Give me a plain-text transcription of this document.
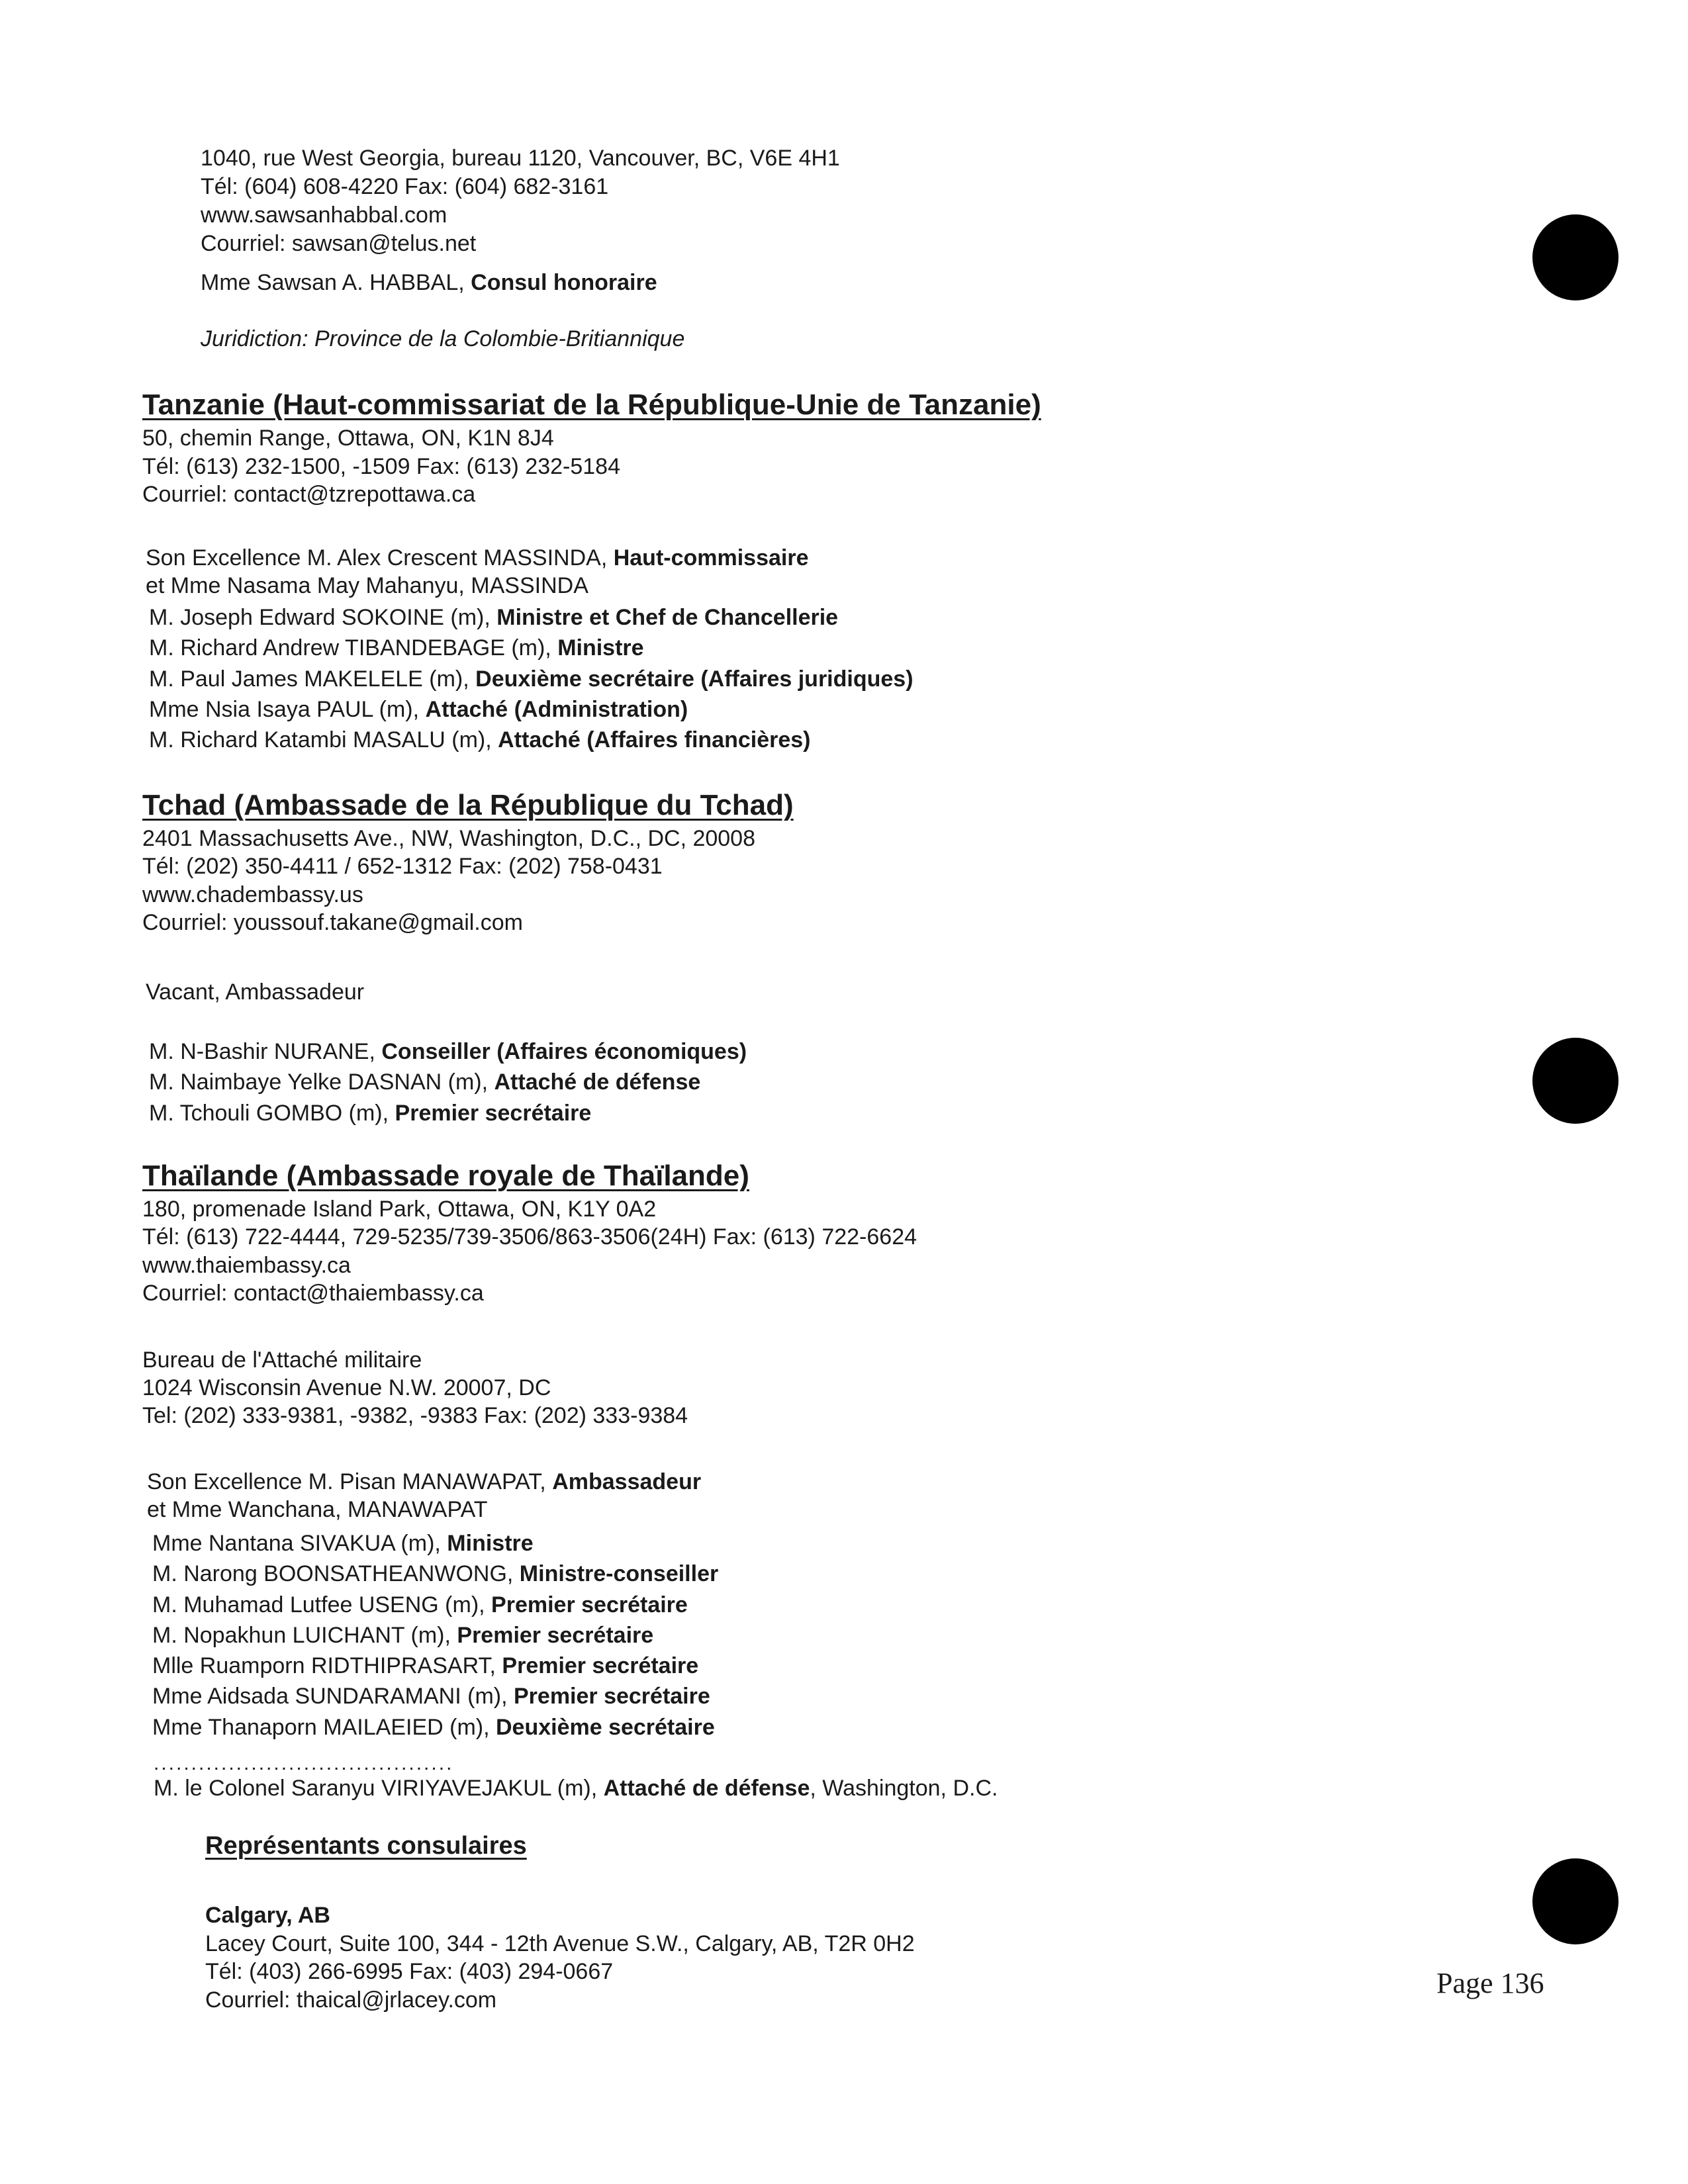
1040, rue West Georgia, bureau 1120, Vancouver, BC, V6E 4H1
Tél: (604) 608-4220 Fax: (604) 682-3161
www.sawsanhabbal.com
Courriel: sawsan@telus.net
Mme Sawsan A. HABBAL, Consul honoraire
Juridiction: Province de la Colombie-Britiannique
Tanzanie (Haut-commissariat de la République-Unie de Tanzanie)
50, chemin Range, Ottawa, ON, K1N 8J4
Tél: (613) 232-1500, -1509 Fax: (613) 232-5184
Courriel: contact@tzrepottawa.ca
Son Excellence M. Alex Crescent MASSINDA, Haut-commissaire
et Mme Nasama May Mahanyu, MASSINDA
M. Joseph Edward SOKOINE (m), Ministre et Chef de Chancellerie
M. Richard Andrew TIBANDEBAGE (m), Ministre
M. Paul James MAKELELE (m), Deuxième secrétaire (Affaires juridiques)
Mme Nsia Isaya PAUL (m), Attaché (Administration)
M. Richard Katambi MASALU (m), Attaché (Affaires financières)
Tchad (Ambassade de la République du Tchad)
2401 Massachusetts Ave., NW, Washington, D.C., DC, 20008
Tél: (202) 350-4411 / 652-1312 Fax: (202) 758-0431
www.chadembassy.us
Courriel: youssouf.takane@gmail.com
Vacant, Ambassadeur
M. N-Bashir NURANE, Conseiller (Affaires économiques)
M. Naimbaye Yelke DASNAN (m), Attaché de défense
M. Tchouli GOMBO (m), Premier secrétaire
Thaïlande (Ambassade royale de Thaïlande)
180, promenade Island Park, Ottawa, ON, K1Y 0A2
Tél: (613) 722-4444, 729-5235/739-3506/863-3506(24H) Fax: (613) 722-6624
www.thaiembassy.ca
Courriel: contact@thaiembassy.ca
Bureau de l'Attaché militaire
1024 Wisconsin Avenue N.W. 20007, DC
Tel: (202) 333-9381, -9382, -9383 Fax: (202) 333-9384
Son Excellence M. Pisan MANAWAPAT, Ambassadeur
et Mme Wanchana, MANAWAPAT
Mme Nantana SIVAKUA (m), Ministre
M. Narong BOONSATHEANWONG, Ministre-conseiller
M. Muhamad Lutfee USENG (m), Premier secrétaire
M. Nopakhun LUICHANT (m), Premier secrétaire
Mlle Ruamporn RIDTHIPRASART, Premier secrétaire
Mme Aidsada SUNDARAMANI (m), Premier secrétaire
Mme Thanaporn MAILAEIED (m), Deuxième secrétaire
........................................
M. le Colonel Saranyu VIRIYAVEJAKUL (m), Attaché de défense, Washington, D.C.
Représentants consulaires
Calgary, AB
Lacey Court, Suite 100, 344 - 12th Avenue S.W., Calgary, AB, T2R 0H2
Tél: (403) 266-6995 Fax: (403) 294-0667
Courriel: thaical@jrlacey.com
Page 136
